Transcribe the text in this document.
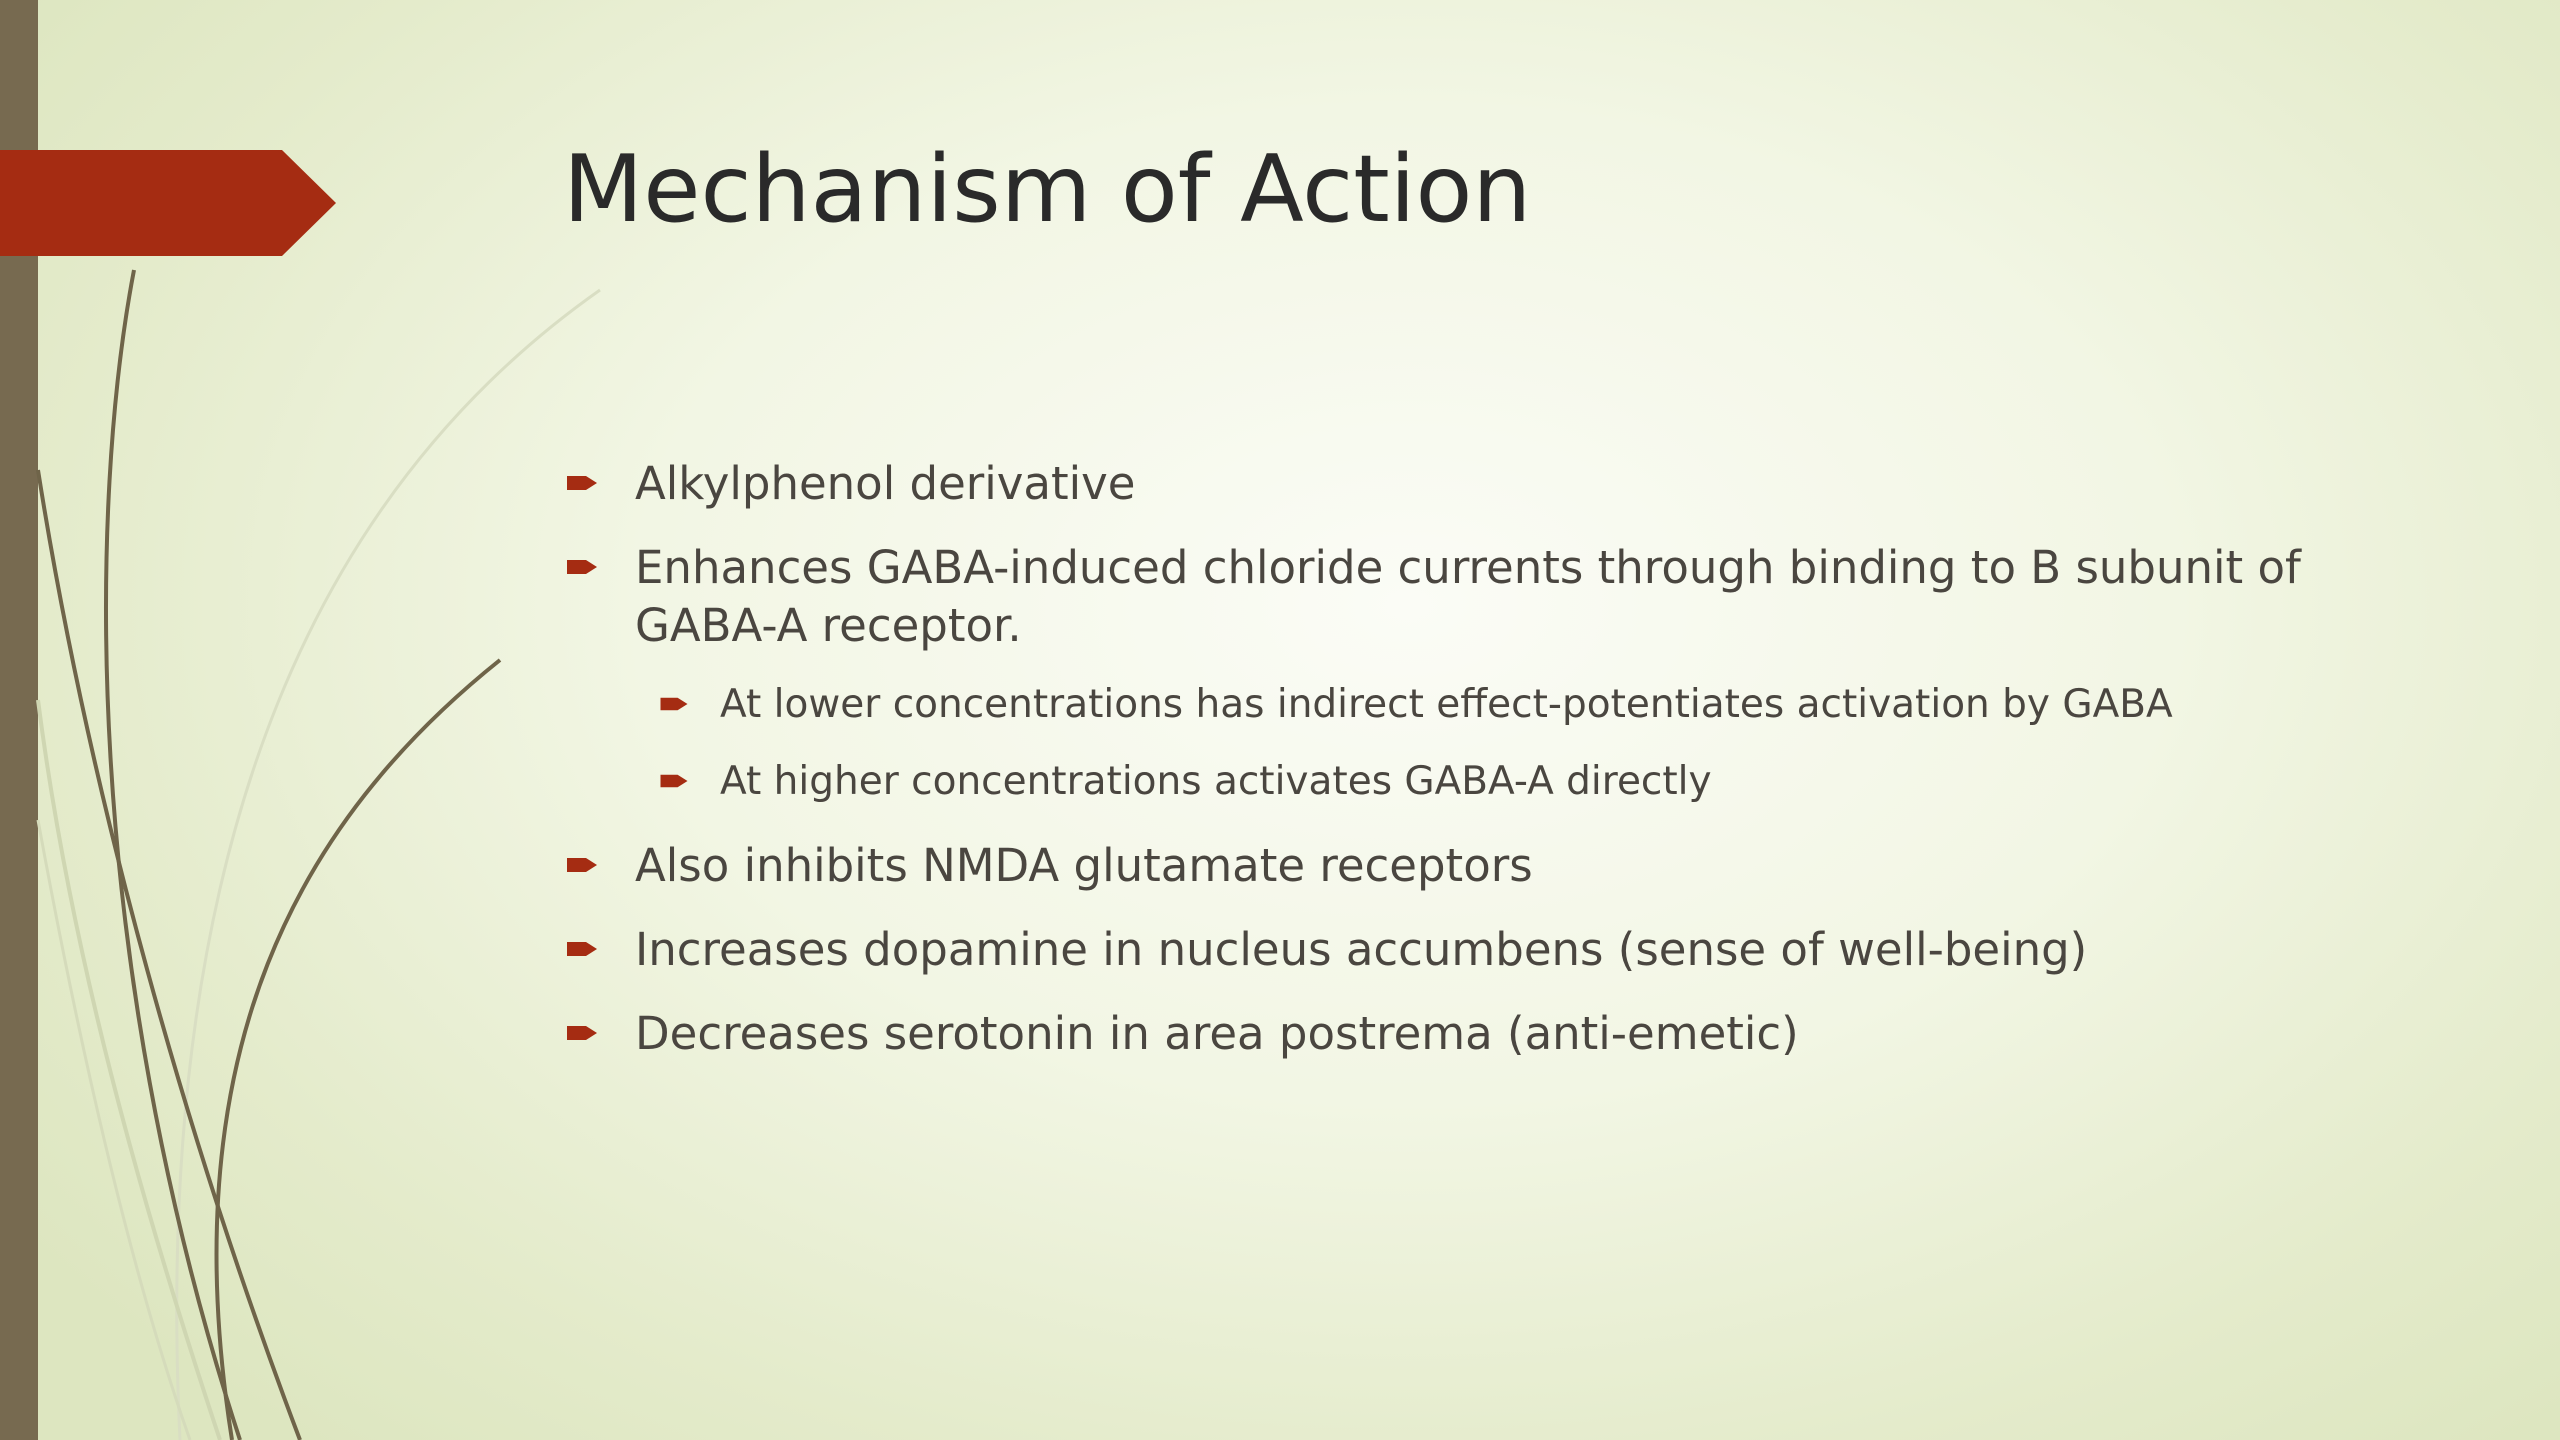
Mechanism of Action
Alkylphenol derivative
Enhances GABA-induced chloride currents through binding to B subunit of
GABA-A receptor.
At lower concentrations has indirect effect-potentiates activation by GABA
At higher concentrations activates GABA-A directly
Also inhibits NMDA glutamate receptors
Increases dopamine in nucleus accumbens (sense of well-being)
Decreases serotonin in area postrema (anti-emetic)
